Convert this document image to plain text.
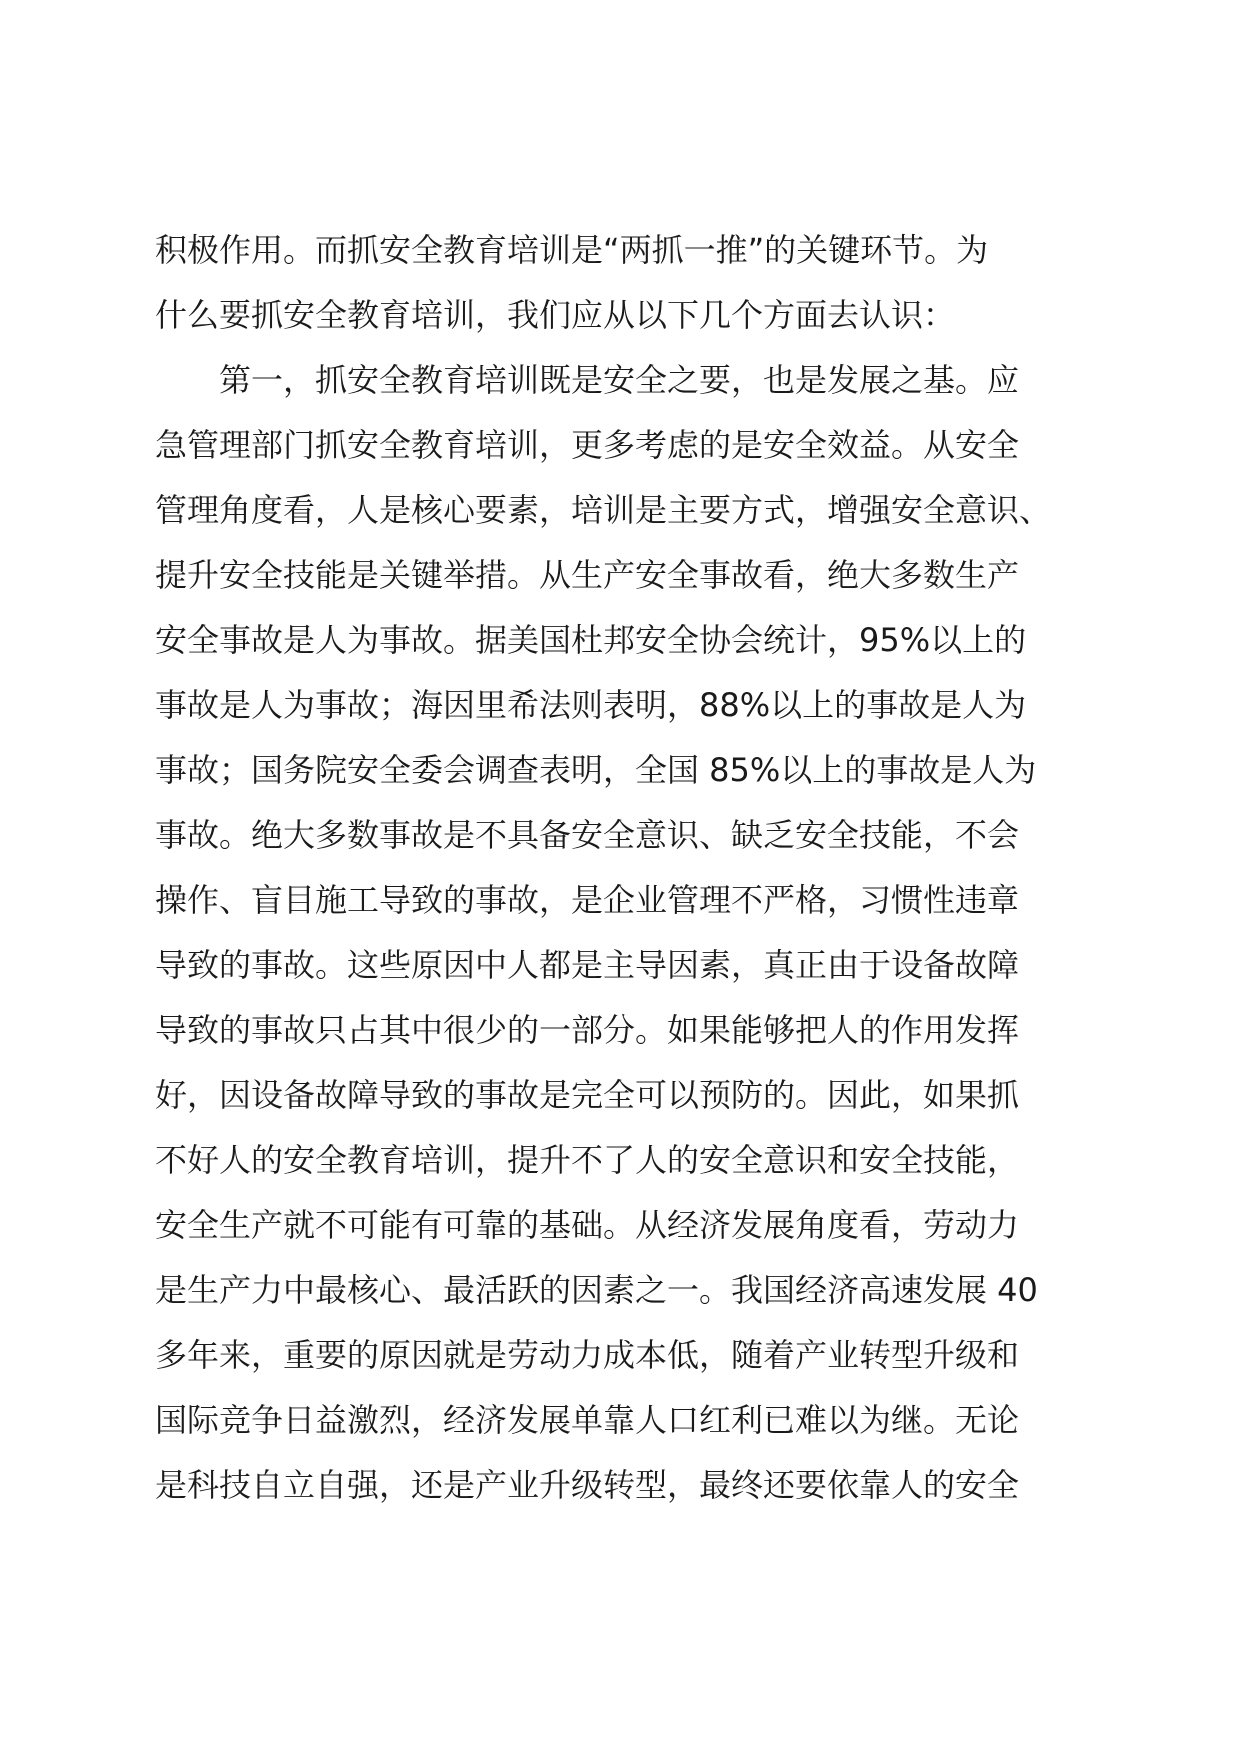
积极作用。而抓安全教育培训是“两抓一推”的关键环节。为
什么要抓安全教育培训，我们应从以下几个方面去认识：
第一，抓安全教育培训既是安全之要，也是发展之基。应
急管理部门抓安全教育培训，更多考虑的是安全效益。从安全
管理角度看，人是核心要素，培训是主要方式，增强安全意识、
提升安全技能是关键举措。从生产安全事故看，绝大多数生产
安全事故是人为事故。据美国杜邦安全协会统计，95%以上的
事故是人为事故；海因里希法则表明，88%以上的事故是人为
事故；国务院安全委会调查表明，全国 85%以上的事故是人为
事故。绝大多数事故是不具备安全意识、缺乏安全技能，不会
操作、盲目施工导致的事故，是企业管理不严格，习惯性违章
导致的事故。这些原因中人都是主导因素，真正由于设备故障
导致的事故只占其中很少的一部分。如果能够把人的作用发挥
好，因设备故障导致的事故是完全可以预防的。因此，如果抓
不好人的安全教育培训，提升不了人的安全意识和安全技能，
安全生产就不可能有可靠的基础。从经济发展角度看，劳动力
是生产力中最核心、最活跃的因素之一。我国经济高速发展 40
多年来，重要的原因就是劳动力成本低，随着产业转型升级和
国际竞争日益激烈，经济发展单靠人口红利已难以为继。无论
是科技自立自强，还是产业升级转型，最终还要依靠人的安全
